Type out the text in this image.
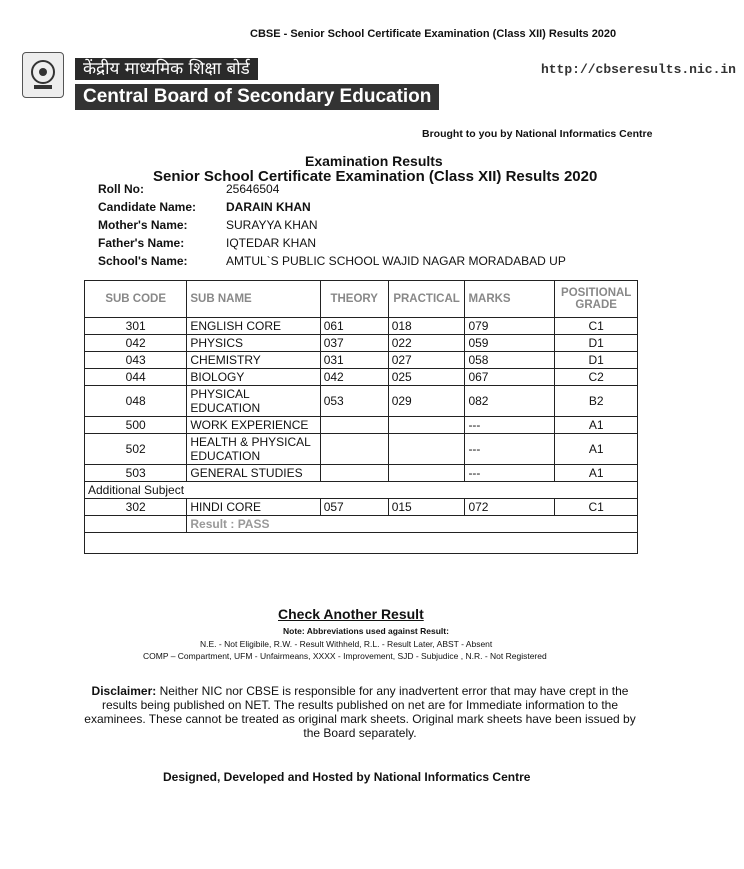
CBSE - Senior School Certificate Examination (Class XII) Results 2020
केंद्रीय माध्यमिक शिक्षा बोर्ड
Central Board of Secondary Education
http://cbseresults.nic.in
Brought to you by National Informatics Centre
Examination Results
Senior School Certificate Examination (Class XII) Results 2020
Roll No:	25646504
Candidate Name:	DARAIN KHAN
Mother's Name:	SURAYYA KHAN
Father's Name:	IQTEDAR KHAN
School's Name:	AMTUL`S PUBLIC SCHOOL WAJID NAGAR MORADABAD UP
SUB CODE	SUB NAME	THEORY	PRACTICAL	MARKS	POSITIONAL GRADE
301	ENGLISH CORE	061	018	079	C1
042	PHYSICS	037	022	059	D1
043	CHEMISTRY	031	027	058	D1
044	BIOLOGY	042	025	067	C2
048	PHYSICAL EDUCATION	053	029	082	B2
500	WORK EXPERIENCE			---	A1
502	HEALTH & PHYSICAL EDUCATION			---	A1
503	GENERAL STUDIES			---	A1
Additional Subject					
302	HINDI CORE	057	015	072	C1
	Result : PASS				

Check Another Result
Note: Abbreviations used against Result:
N.E. - Not Eligibile, R.W. - Result Withheld, R.L. - Result Later, ABST - Absent
COMP – Compartment, UFM - Unfairmeans, XXXX - Improvement, SJD - Subjudice , N.R. - Not Registered
Disclaimer: Neither NIC nor CBSE is responsible for any inadvertent error that may have crept in the results being published on NET. The results published on net are for Immediate information to the examinees. These cannot be treated as original mark sheets. Original mark sheets have been issued by the Board separately.
Designed, Developed and Hosted by National Informatics Centre
